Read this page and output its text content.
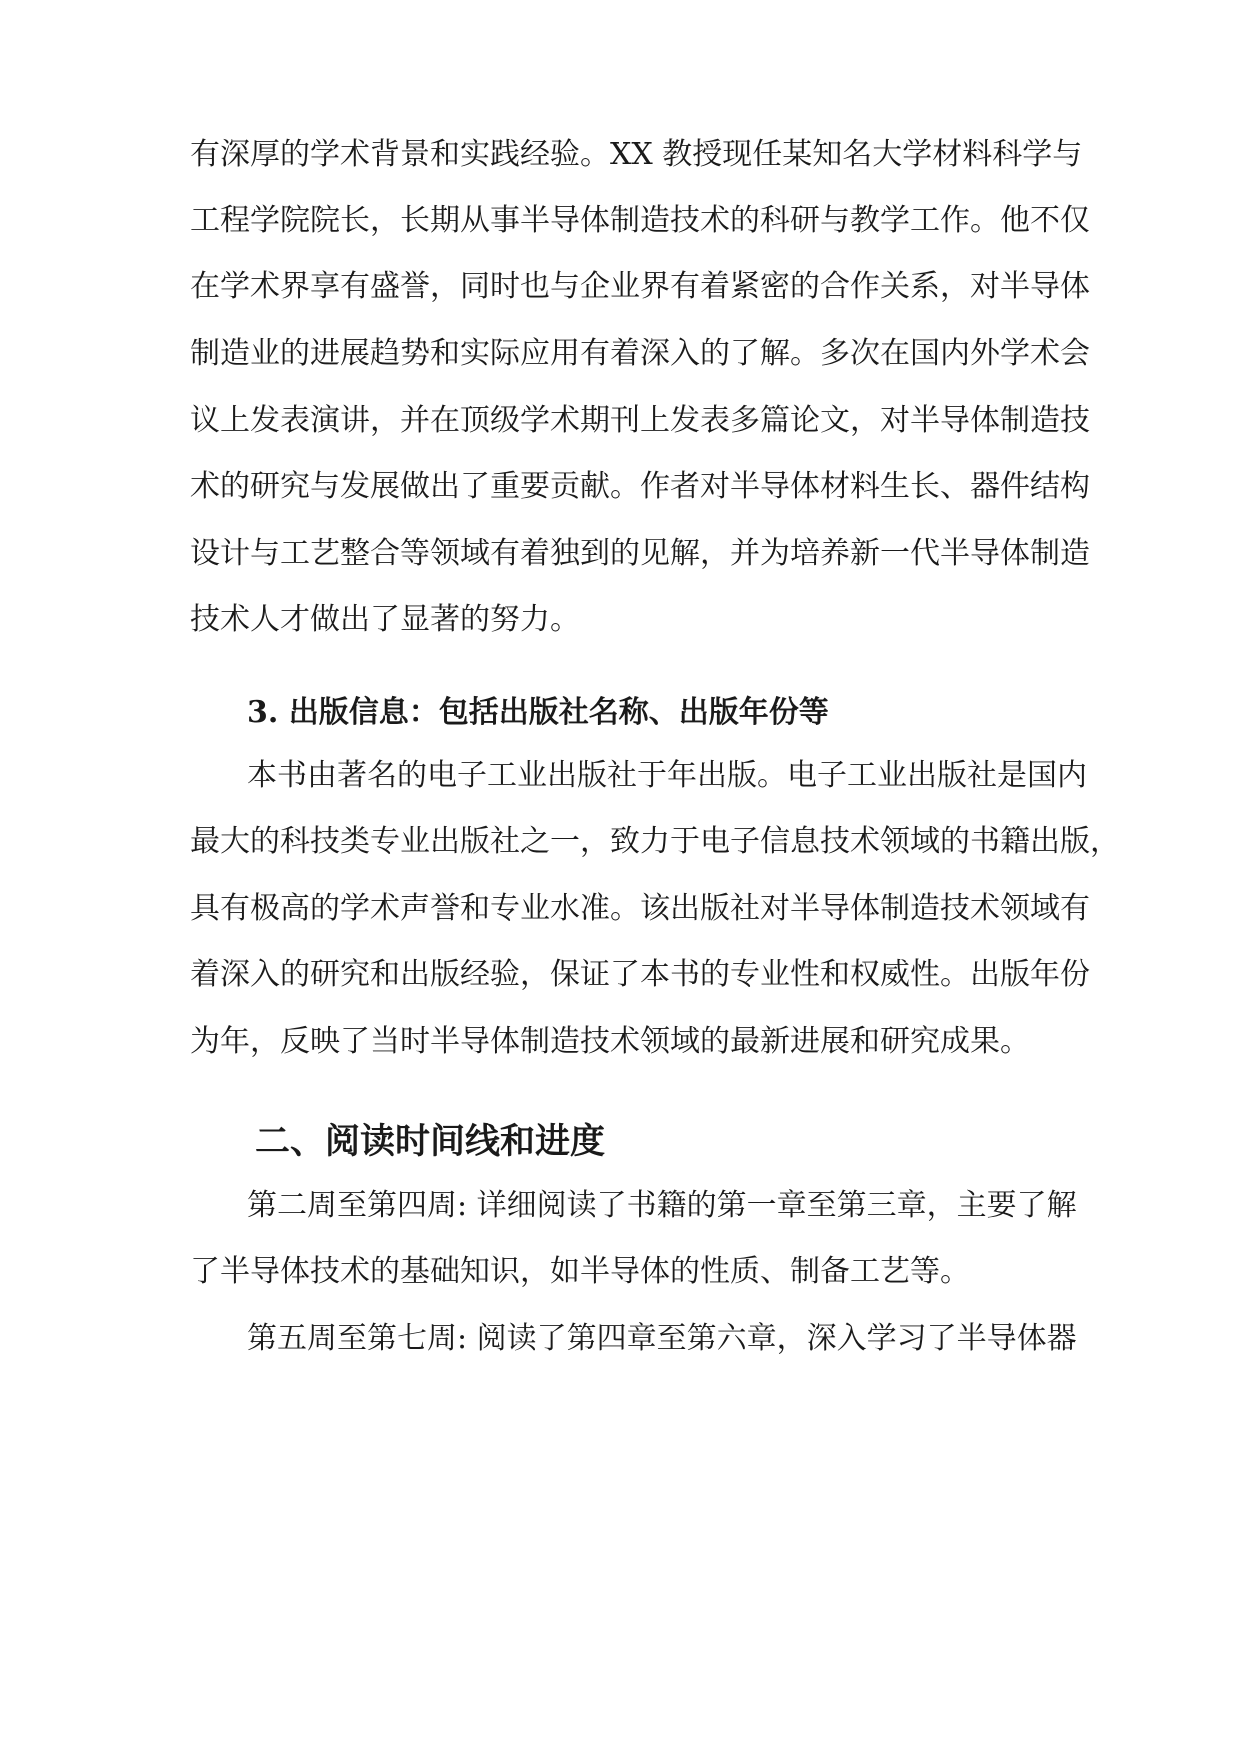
有深厚的学术背景和实践经验。XX 教授现任某知名大学材料科学与
工程学院院长，长期从事半导体制造技术的科研与教学工作。他不仅
在学术界享有盛誉，同时也与企业界有着紧密的合作关系，对半导体
制造业的进展趋势和实际应用有着深入的了解。多次在国内外学术会
议上发表演讲，并在顶级学术期刊上发表多篇论文，对半导体制造技
术的研究与发展做出了重要贡献。作者对半导体材料生长、器件结构
设计与工艺整合等领域有着独到的见解，并为培养新一代半导体制造
技术人才做出了显著的努力。
3. 出版信息：包括出版社名称、出版年份等
本书由著名的电子工业出版社于年出版。电子工业出版社是国内
最大的科技类专业出版社之一，致力于电子信息技术领域的书籍出版，
具有极高的学术声誉和专业水准。该出版社对半导体制造技术领域有
着深入的研究和出版经验，保证了本书的专业性和权威性。出版年份
为年，反映了当时半导体制造技术领域的最新进展和研究成果。
二、阅读时间线和进度
第二周至第四周: 详细阅读了书籍的第一章至第三章，主要了解
了半导体技术的基础知识，如半导体的性质、制备工艺等。
第五周至第七周: 阅读了第四章至第六章，深入学习了半导体器
